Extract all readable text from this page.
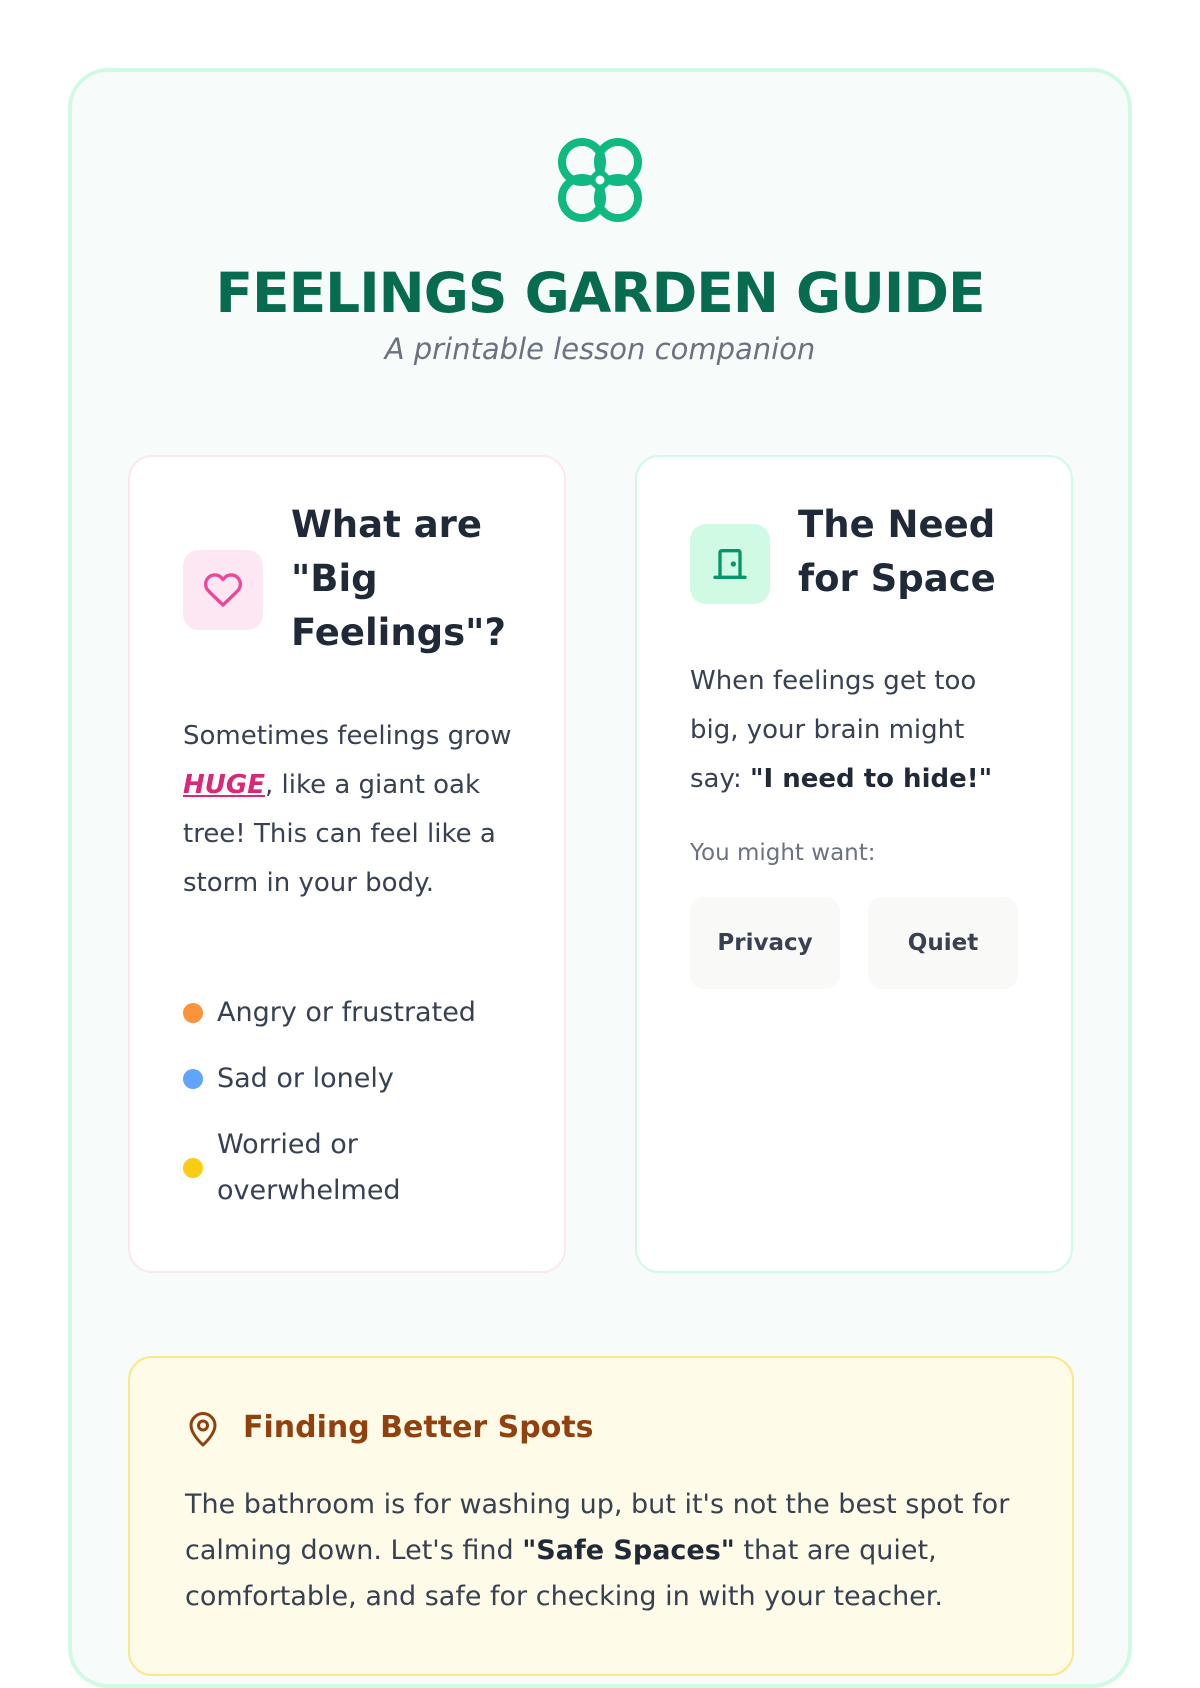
FEELINGS GARDEN GUIDE
A printable lesson companion
What are "Big Feelings"?

Sometimes feelings grow HUGE, like a giant oak tree! This can feel like a storm in your body.

Angry or frustrated
Sad or lonely
Worried or overwhelmed
The Need for Space

When feelings get too big, your brain might say: "I need to hide!"

You might want:
Privacy	Quiet
Finding Better Spots

The bathroom is for washing up, but it's not the best spot for calming down. Let's find "Safe Spaces" that are quiet, comfortable, and safe for checking in with your teacher.
